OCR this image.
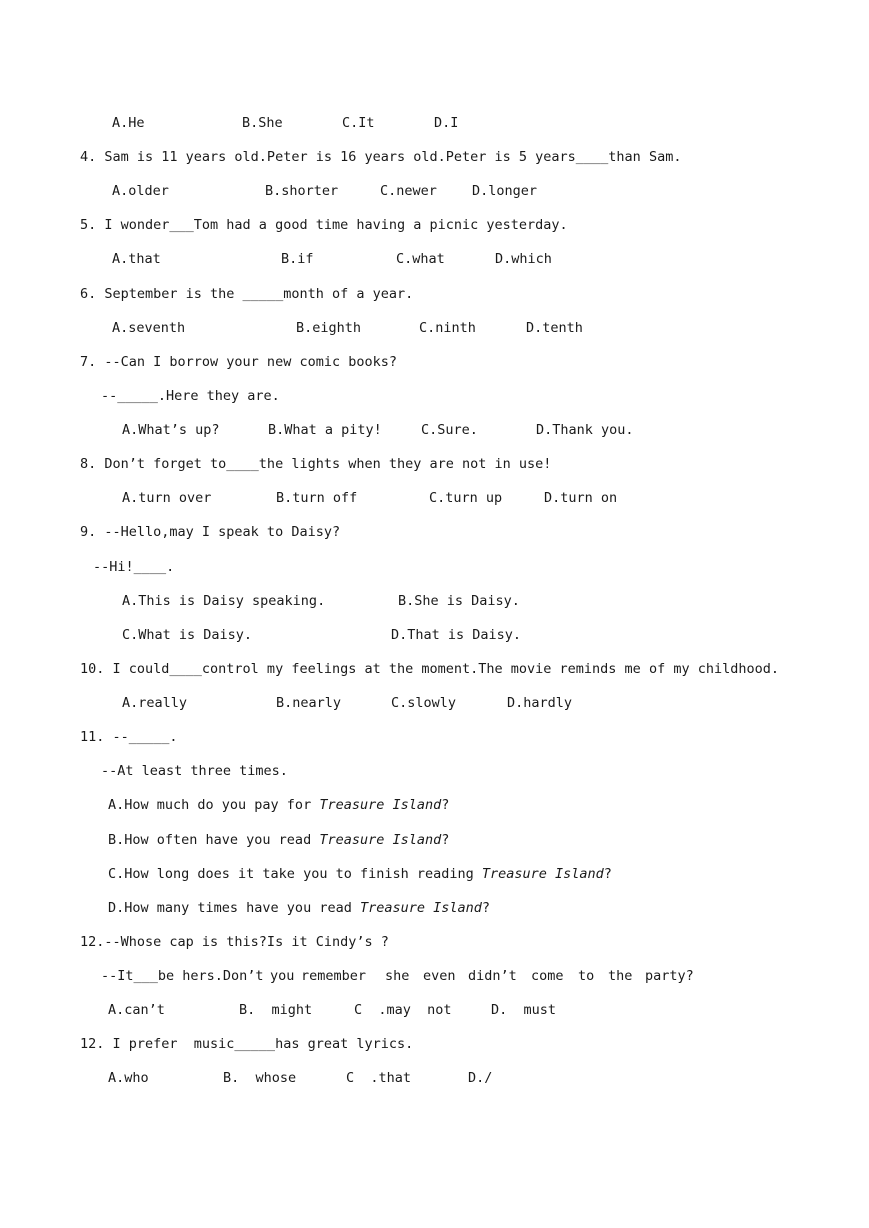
A.He	B.She	C.It	D.I
4. Sam is 11 years old.Peter is 16 years old.Peter is 5 years____than Sam.
A.older	B.shorter	C.newer	D.longer
5. I wonder___Tom had a good time having a picnic yesterday.
A.that	B.if	C.what	D.which
6. September is the _____month of a year.
A.seventh	B.eighth	C.ninth	D.tenth
7. --Can I borrow your new comic books?
--_____.Here they are.
A.What’s up?	B.What a pity!	C.Sure.	D.Thank you.
8. Don’t forget to____the lights when they are not in use!
A.turn over	B.turn off	C.turn up	D.turn on
9. --Hello,may I speak to Daisy?
--Hi!____.
A.This is Daisy speaking.	B.She is Daisy.
C.What is Daisy.	D.That is Daisy.
10. I could____control my feelings at the moment.The movie reminds me of my childhood.
A.really	B.nearly	C.slowly	D.hardly
11. --_____.
--At least three times.
A.How much do you pay for Treasure Island?
B.How often have you read Treasure Island?
C.How long does it take you to finish reading Treasure Island?
D.How many times have you read Treasure Island?
12.--Whose cap is this?Is it Cindy’s ?
--It___be hers.Don’t you remember she even didn’t come to the party?
A.can’t	B.  might	C  .may  not	D.  must
12. I prefer  music_____has great lyrics.
A.who	B.  whose	C  .that	D./
